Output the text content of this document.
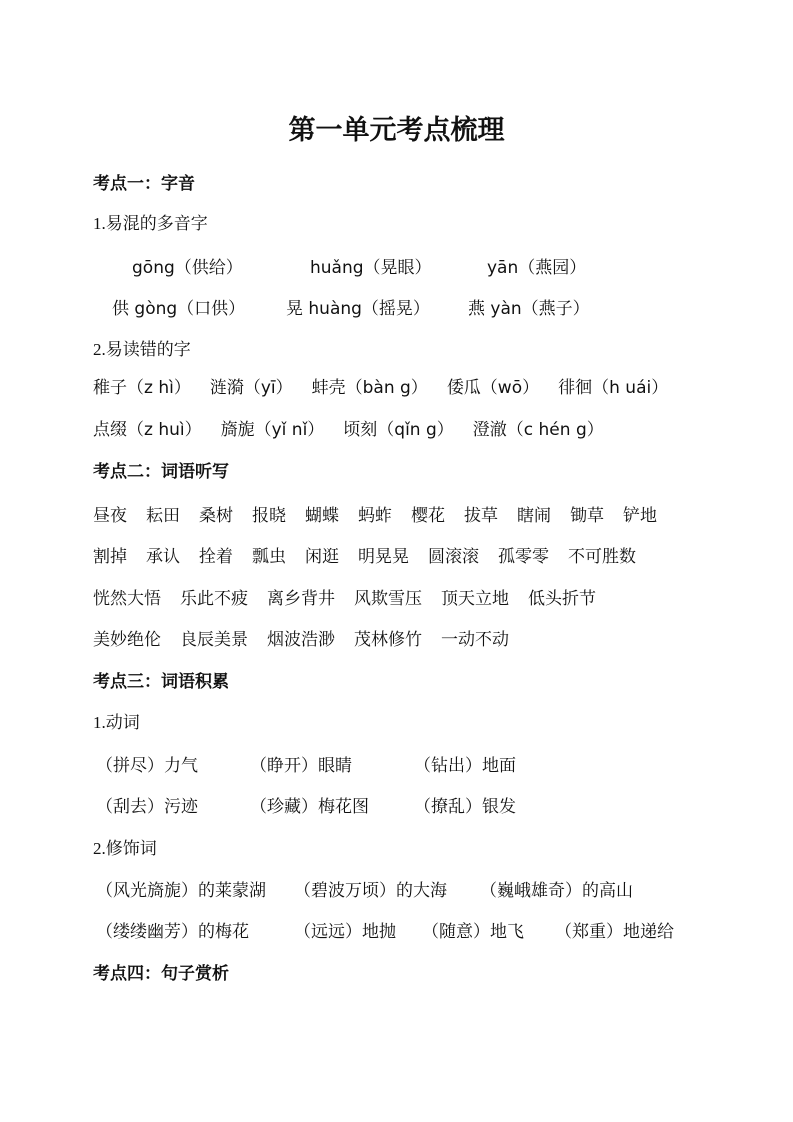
第一单元考点梳理
考点一：字音
1.易混的多音字
gōng（供给）	huǎng（晃眼）	yān（燕园）
供 gòng（口供） 晃 huàng（摇晃） 燕 yàn（燕子）
2.易读错的字
稚子（z hì） 涟漪（yī） 蚌壳（bàn g） 倭瓜（wō） 徘徊（h uái）
点缀（z huì） 旖旎（yǐ nǐ） 顷刻（qǐn g） 澄澈（c hén g）
考点二：词语听写
昼夜 耘田 桑树 报晓 蝴蝶 蚂蚱 樱花 拔草 瞎闹 锄草 铲地
割掉 承认 拴着 瓢虫 闲逛 明晃晃 圆滚滚 孤零零 不可胜数
恍然大悟 乐此不疲 离乡背井 风欺雪压 顶天立地 低头折节
美妙绝伦 良辰美景 烟波浩渺 茂林修竹 一动不动
考点三：词语积累
1.动词
（拼尽）力气	（睁开）眼睛	（钻出）地面
（刮去）污迹	（珍藏）梅花图	（撩乱）银发
2.修饰词
（风光旖旎）的莱蒙湖 （碧波万顷）的大海 （巍峨雄奇）的高山
（缕缕幽芳）的梅花	（远远）地抛 （随意）地飞 （郑重）地递给
考点四：句子赏析
